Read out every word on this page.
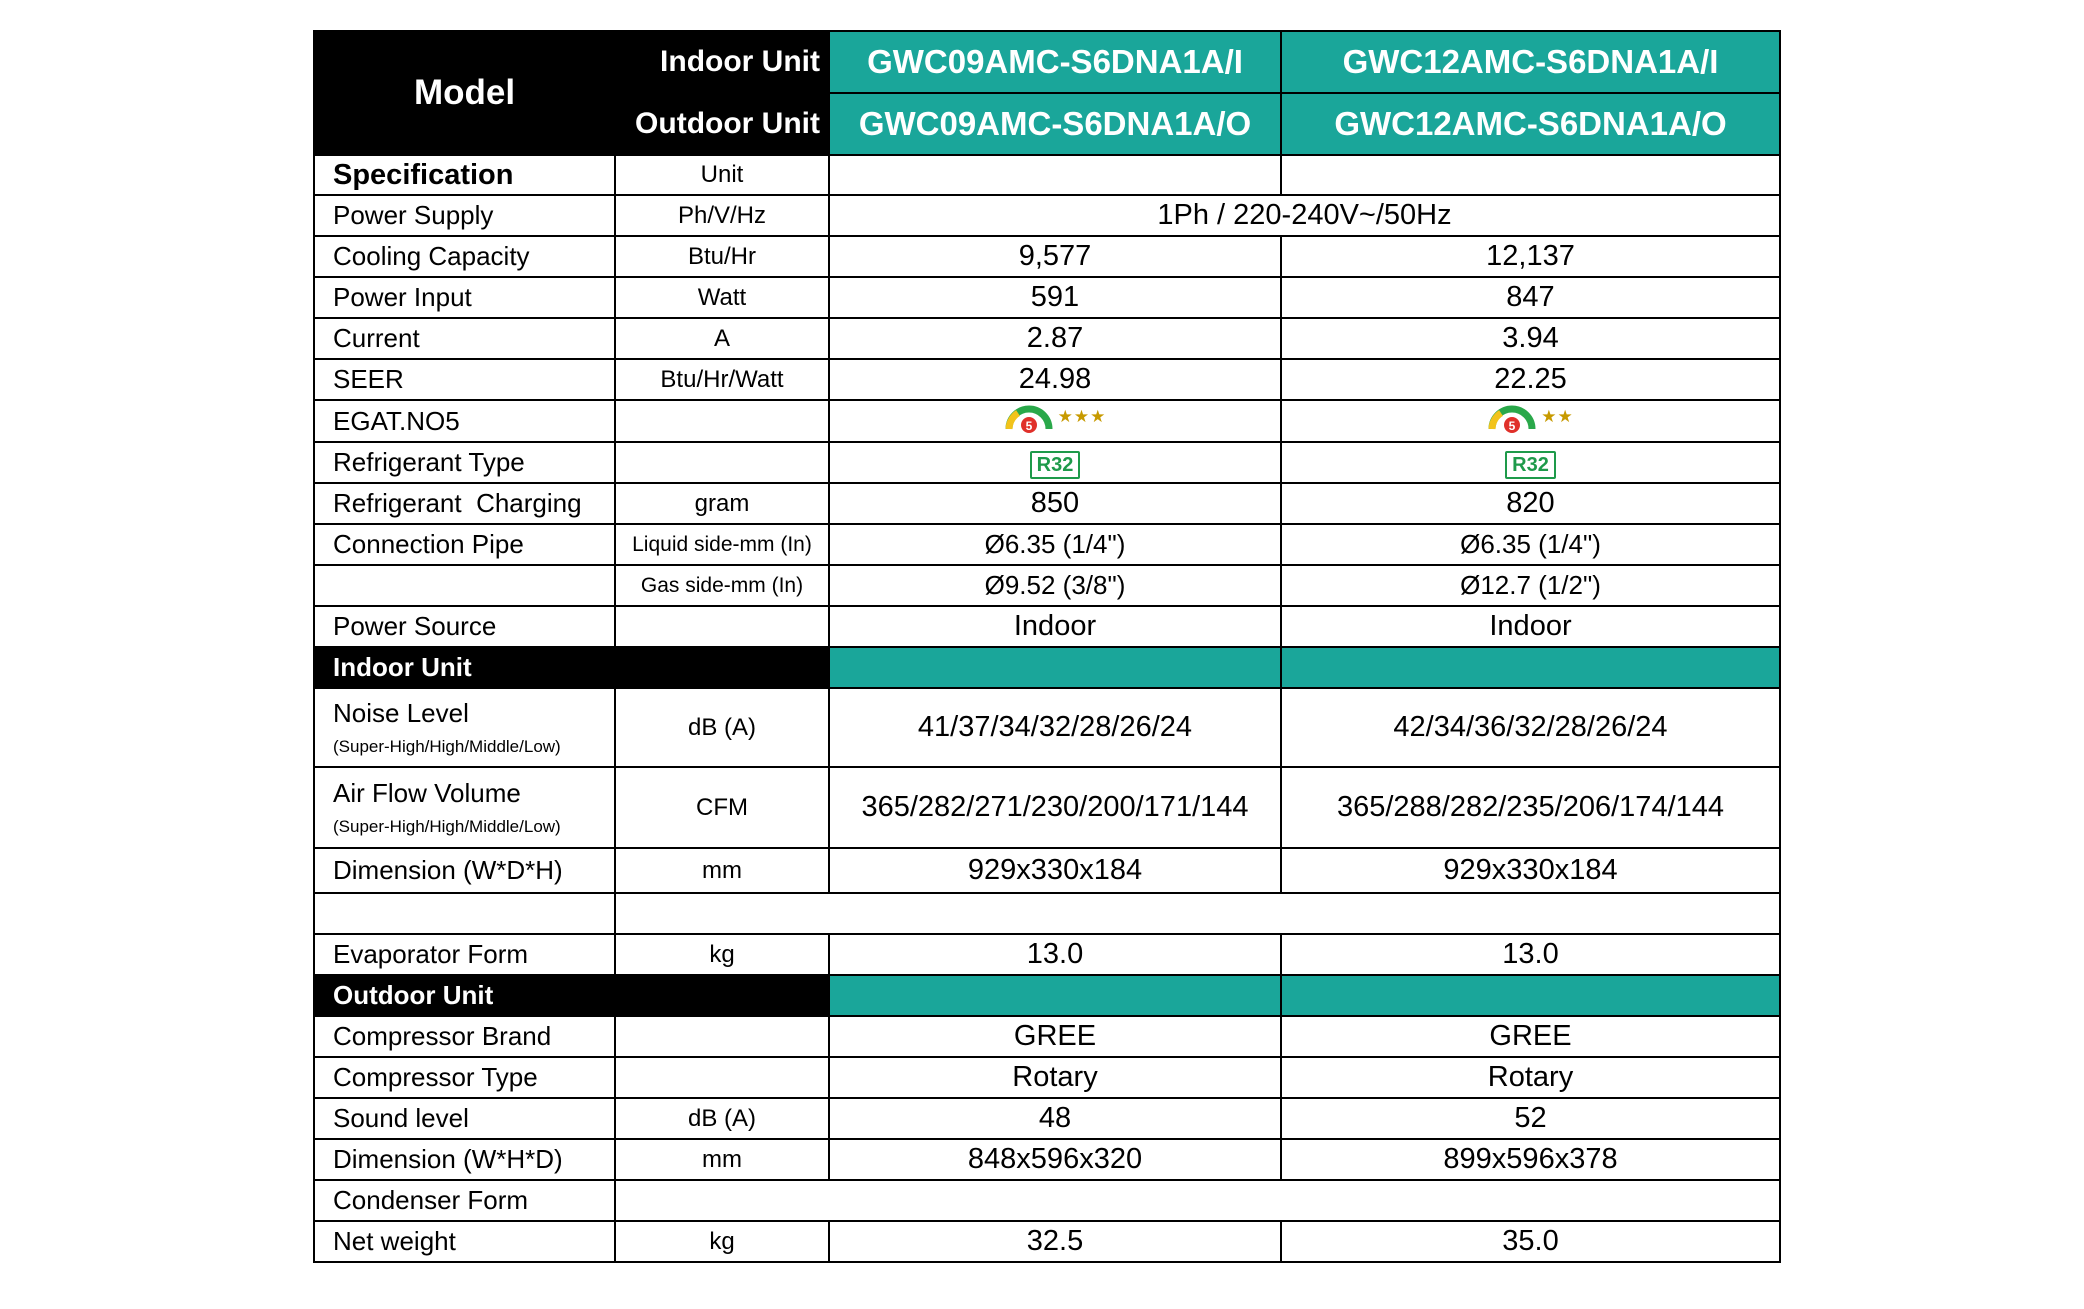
Model	Indoor Unit	GWC09AMC-S6DNA1A/I	GWC12AMC-S6DNA1A/I
	Outdoor Unit	GWC09AMC-S6DNA1A/O	GWC12AMC-S6DNA1A/O
Specification	Unit		
Power Supply	Ph/V/Hz	1Ph / 220-240V~/50Hz	
Cooling Capacity	Btu/Hr	9,577	12,137
Power Input	Watt	591	847
Current	A	2.87	3.94
SEER	Btu/Hr/Watt	24.98	22.25
EGAT.NO5		5 ★★★	5 ★★

Refrigerant Type		R32	R32
Refrigerant  Charging	gram	850	820
Connection Pipe	Liquid side-mm (In)	Ø6.35 (1/4")	Ø6.35 (1/4")
	Gas side-mm (In)	Ø9.52 (3/8")	Ø12.7 (1/2")
Power Source		Indoor	Indoor
Indoor Unit			
Noise Level
(Super-High/High/Middle/Low)	dB (A)	41/37/34/32/28/26/24	42/34/36/32/28/26/24
Air Flow Volume
(Super-High/High/Middle/Low)	CFM	365/282/271/230/200/171/144	365/288/282/235/206/174/144
Dimension (W*D*H)	mm	929x330x184	929x330x184

Evaporator Form	kg	13.0	13.0
Outdoor Unit			
Compressor Brand		GREE	GREE
Compressor Type		Rotary	Rotary
Sound level	dB (A)	48	52
Dimension (W*H*D)	mm	848x596x320	899x596x378
Condenser Form			
Net weight	kg	32.5	35.0
